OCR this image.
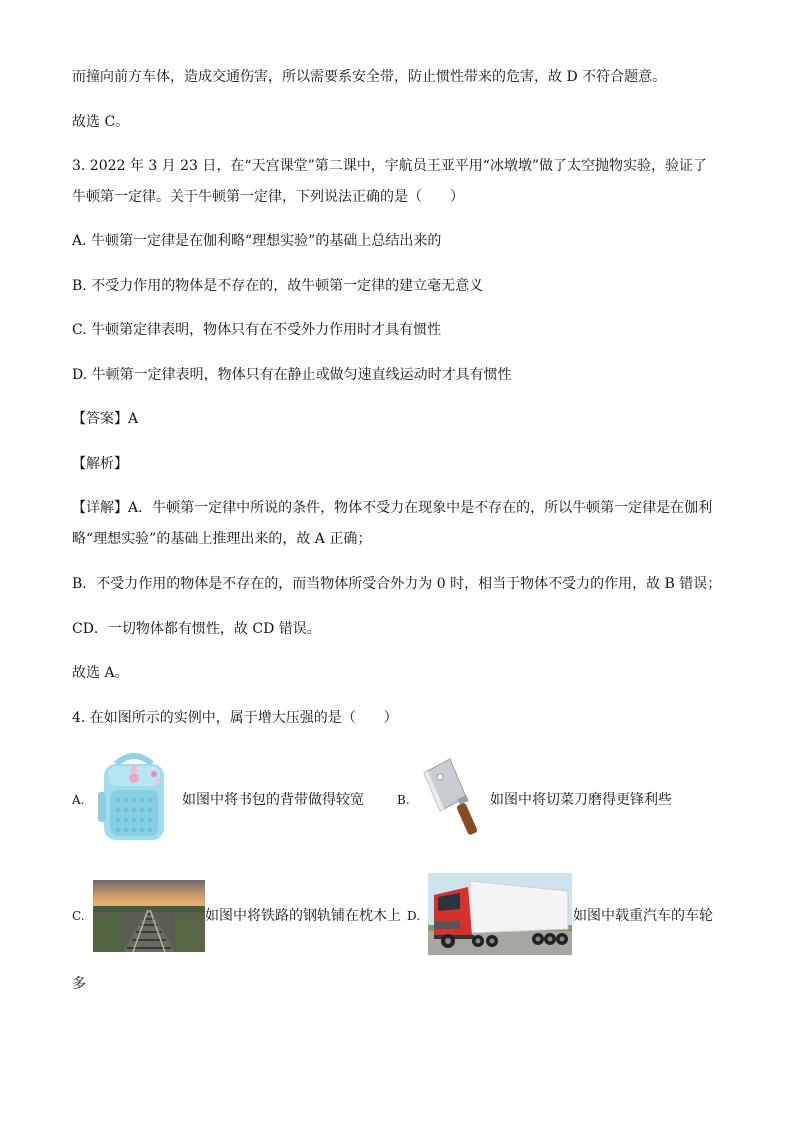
而撞向前方车体，造成交通伤害，所以需要系安全带，防止惯性带来的危害，故 D 不符合题意。
故选 C。
3. 2022 年 3 月 23 日，在“天宫课堂”第二课中，宇航员王亚平用“冰墩墩”做了太空抛物实验，验证了
牛顿第一定律。关于牛顿第一定律，下列说法正确的是（　　）
A. 牛顿第一定律是在伽利略“理想实验”的基础上总结出来的
B. 不受力作用的物体是不存在的，故牛顿第一定律的建立毫无意义
C. 牛顿第定律表明，物体只有在不受外力作用时才具有惯性
D. 牛顿第一定律表明，物体只有在静止或做匀速直线运动时才具有惯性
【答案】A
【解析】
【详解】A．牛顿第一定律中所说的条件，物体不受力在现象中是不存在的，所以牛顿第一定律是在伽利
略“理想实验”的基础上推理出来的，故 A 正确；
B．不受力作用的物体是不存在的，而当物体所受合外力为 0 时，相当于物体不受力的作用，故 B 错误；
CD．一切物体都有惯性，故 CD 错误。
故选 A。
4. 在如图所示的实例中，属于增大压强的是（　　）
A.	如图中将书包的背带做得较宽	B.	如图中将切菜刀磨得更锋利些
C.	如图中将铁路的钢轨铺在枕木上 D.	如图中载重汽车的车轮
多
